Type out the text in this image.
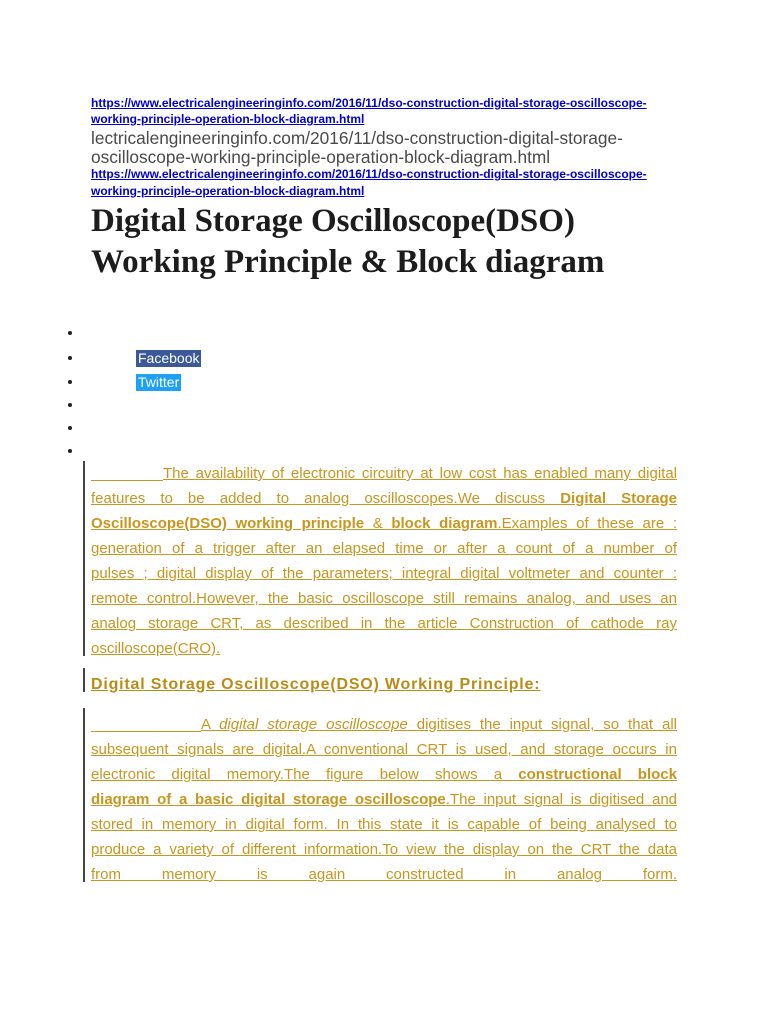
https://www.electricalengineeringinfo.com/2016/11/dso-construction-digital-storage-oscilloscope-
working-principle-operation-block-diagram.html
lectricalengineeringinfo.com/2016/11/dso-construction-digital-storage-
oscilloscope-working-principle-operation-block-diagram.html
https://www.electricalengineeringinfo.com/2016/11/dso-construction-digital-storage-oscilloscope-
working-principle-operation-block-diagram.html
Digital Storage Oscilloscope(DSO)
Working Principle & Block diagram
Facebook
Twitter
The availability of electronic circuitry at low cost has enabled many digital
features to be added to analog oscilloscopes.We discuss Digital Storage
Oscilloscope(DSO) working principle & block diagram.Examples of these are :
generation of a trigger after an elapsed time or after a count of a number of
pulses ; digital display of the parameters; integral digital voltmeter and counter :
remote control.However, the basic oscilloscope still remains analog, and uses an
analog storage CRT, as described in the article Construction of cathode ray
oscilloscope(CRO).
Digital Storage Oscilloscope(DSO) Working Principle:
A digital storage oscilloscope digitises the input signal, so that all
subsequent signals are digital.A conventional CRT is used, and storage occurs in
electronic digital memory.The figure below shows a constructional block
diagram of a basic digital storage oscilloscope.The input signal is digitised and
stored in memory in digital form. In this state it is capable of being analysed to
produce a variety of different information.To view the display on the CRT the data
from memory is again constructed in analog form.
